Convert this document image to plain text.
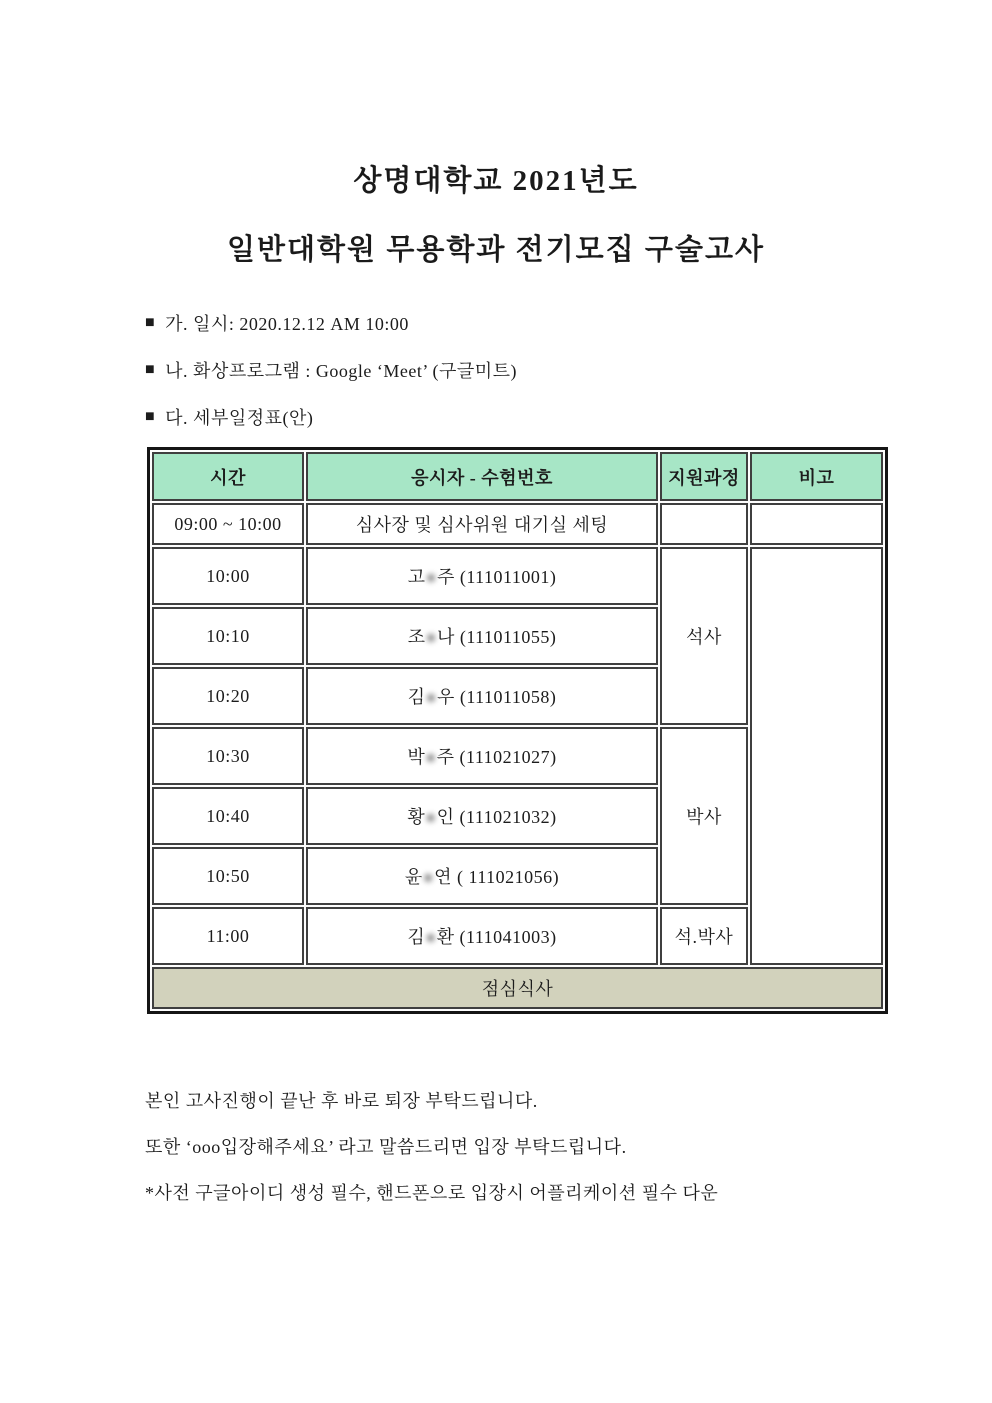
상명대학교 2021년도
일반대학원 무용학과 전기모집 구술고사
■ 가. 일시: 2020.12.12 AM 10:00
■ 나. 화상프로그램 : Google ‘Meet’ (구글미트)
■ 다. 세부일정표(안)
시간	응시자 - 수험번호	지원과정	비고
09:00 ~ 10:00	심사장 및 심사위원 대기실 세팅		
10:00	고●주 (111011001)	석사	
10:10	조●나 (111011055)		
10:20	김●우 (111011058)		
10:30	박●주 (111021027)	박사	
10:40	황●인 (111021032)		
10:50	윤●연 ( 111021056)		
11:00	김●환 (111041003)	석.박사	
점심식사			
본인 고사진행이 끝난 후 바로 퇴장 부탁드립니다.
또한 ‘ooo입장해주세요’ 라고 말씀드리면 입장 부탁드립니다.
*사전 구글아이디 생성 필수, 핸드폰으로 입장시 어플리케이션 필수 다운
